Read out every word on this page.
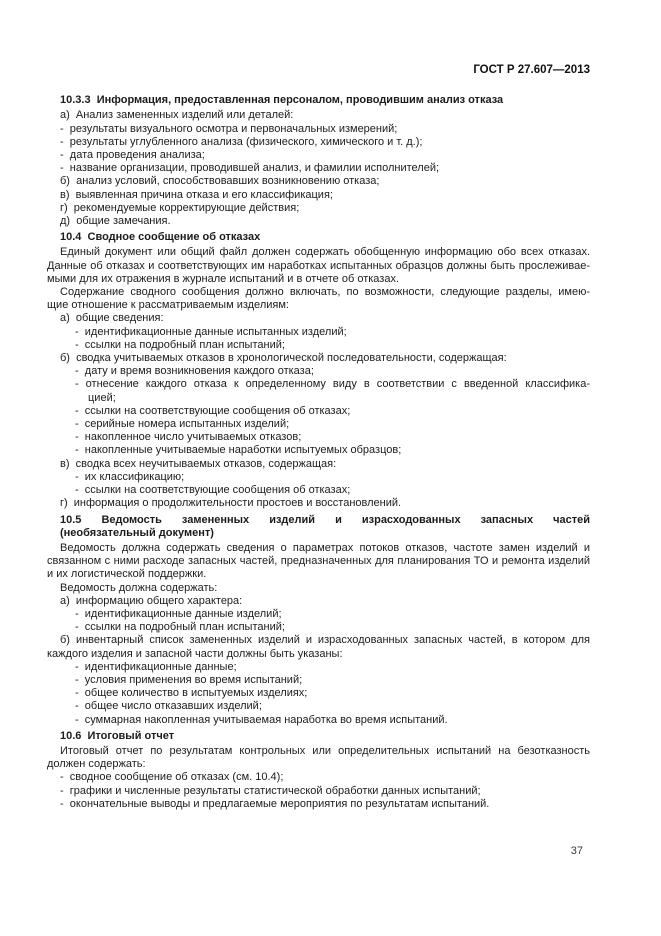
ГОСТ Р 27.607—2013
10.3.3  Информация, предоставленная персоналом, проводившим анализ отказа
а)  Анализ замененных изделий или деталей:
-  результаты визуального осмотра и первоначальных измерений;
-  результаты углубленного анализа (физического, химического и т. д.);
-  дата проведения анализа;
-  название организации, проводившей анализ, и фамилии исполнителей;
б)  анализ условий, способствовавших возникновению отказа;
в)  выявленная причина отказа и его классификация;
г)  рекомендуемые корректирующие действия;
д)  общие замечания.
10.4  Сводное сообщение об отказах
Единый документ или общий файл должен содержать обобщенную информацию обо всех отказах.
Данные об отказах и соответствующих им наработках испытанных образцов должны быть прослеживае-
мыми для их отражения в журнале испытаний и в отчете об отказах.
Содержание сводного сообщения должно включать, по возможности, следующие разделы, имею-
щие отношение к рассматриваемым изделиям:
а)  общие сведения:
-  идентификационные данные испытанных изделий;
-  ссылки на подробный план испытаний;
б)  сводка учитываемых отказов в хронологической последовательности, содержащая:
-  дату и время возникновения каждого отказа;
- отнесение каждого отказа к определенному виду в соответствии с введенной классифика-
цией;
-  ссылки на соответствующие сообщения об отказах;
-  серийные номера испытанных изделий;
-  накопленное число учитываемых отказов;
-  накопленные учитываемые наработки испытуемых образцов;
в)  сводка всех неучитываемых отказов, содержащая:
-  их классификацию;
-  ссылки на соответствующие сообщения об отказах;
г)  информация о продолжительности простоев и восстановлений.
10.5 Ведомость замененных изделий и израсходованных запасных частей
(необязательный документ)
Ведомость должна содержать сведения о параметрах потоков отказов, частоте замен изделий и
связанном с ними расходе запасных частей, предназначенных для планирования ТО и ремонта изделий
и их логистической поддержки.
Ведомость должна содержать:
а)  информацию общего характера:
-  идентификационные данные изделий;
-  ссылки на подробный план испытаний;
б) инвентарный список замененных изделий и израсходованных запасных частей, в котором для
каждого изделия и запасной части должны быть указаны:
-  идентификационные данные;
-  условия применения во время испытаний;
-  общее количество в испытуемых изделиях;
-  общее число отказавших изделий;
-  суммарная накопленная учитываемая наработка во время испытаний.
10.6  Итоговый отчет
Итоговый отчет по результатам контрольных или определительных испытаний на безотказность
должен содержать:
-  сводное сообщение об отказах (см. 10.4);
-  графики и численные результаты статистической обработки данных испытаний;
-  окончательные выводы и предлагаемые мероприятия по результатам испытаний.
37
